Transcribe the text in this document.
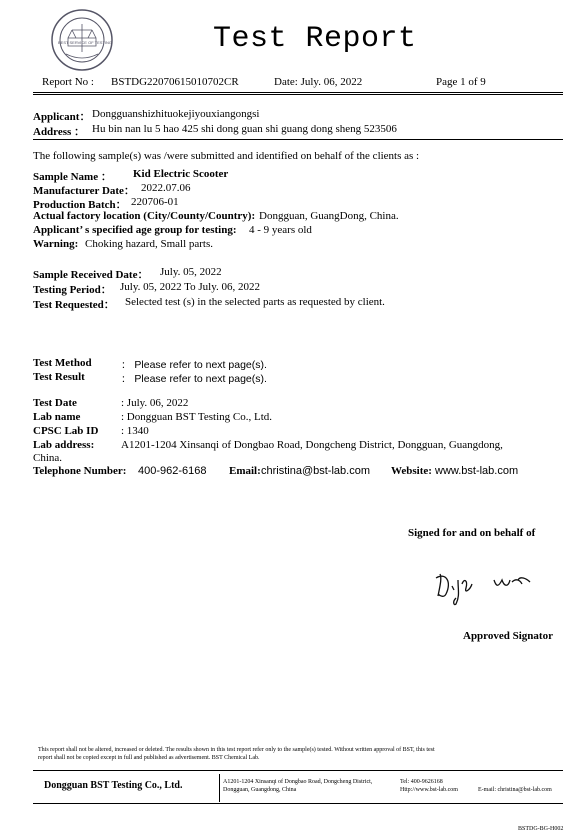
BEST SERVICE OF TESTING	Test Report
Report No : BSTDG22070615010702CR	Date: July. 06, 2022	Page 1 of 9
Applicant： Dongguanshizhituokejiyouxiangongsi
Address ： Hu bin nan lu 5 hao 425 shi dong guan shi guang dong sheng 523506
The following sample(s) was /were submitted and identified on behalf of the clients as :
Sample Name ： Kid Electric Scooter
Manufacturer Date： 2022.07.06
Production Batch： 220706-01
Actual factory location (City/County/Country): Dongguan, GuangDong, China.
Applicant’ s specified age group for testing: 4 - 9 years old
Warning: Choking hazard, Small parts.
Sample Received Date： July. 05, 2022
Testing Period： July. 05, 2022 To July. 06, 2022
Test Requested： Selected test (s) in the selected parts as requested by client.
Test Method	： Please refer to next page(s).
Test Result	： Please refer to next page(s).
Test Date	: July. 06, 2022
Lab name	: Dongguan BST Testing Co., Ltd.
CPSC Lab ID : 1340
Lab address: A1201-1204 Xinsanqi of Dongbao Road, Dongcheng District, Dongguan, Guangdong,
China.
Telephone Number: 400-962-6168 Email: christina@bst-lab.com Website: www.bst-lab.com
Signed for and on behalf of
Approved Signator
This report shall not be altered, increased or deleted. The results shown in this test report refer only to the sample(s) tested. Without written approval of BST, this test
report shall not be copied except in full and published as advertisement. BST Chemical Lab.
Dongguan BST Testing Co., Ltd.	A1201-1204 Xinsanqi of Dongbao Road, Dongcheng District,
Dongguan, Guangdong, China
Tel: 400-9626168
Http://www.bst-lab.com	E-mail: christina@bst-lab.com
BSTDG-BG-H002
